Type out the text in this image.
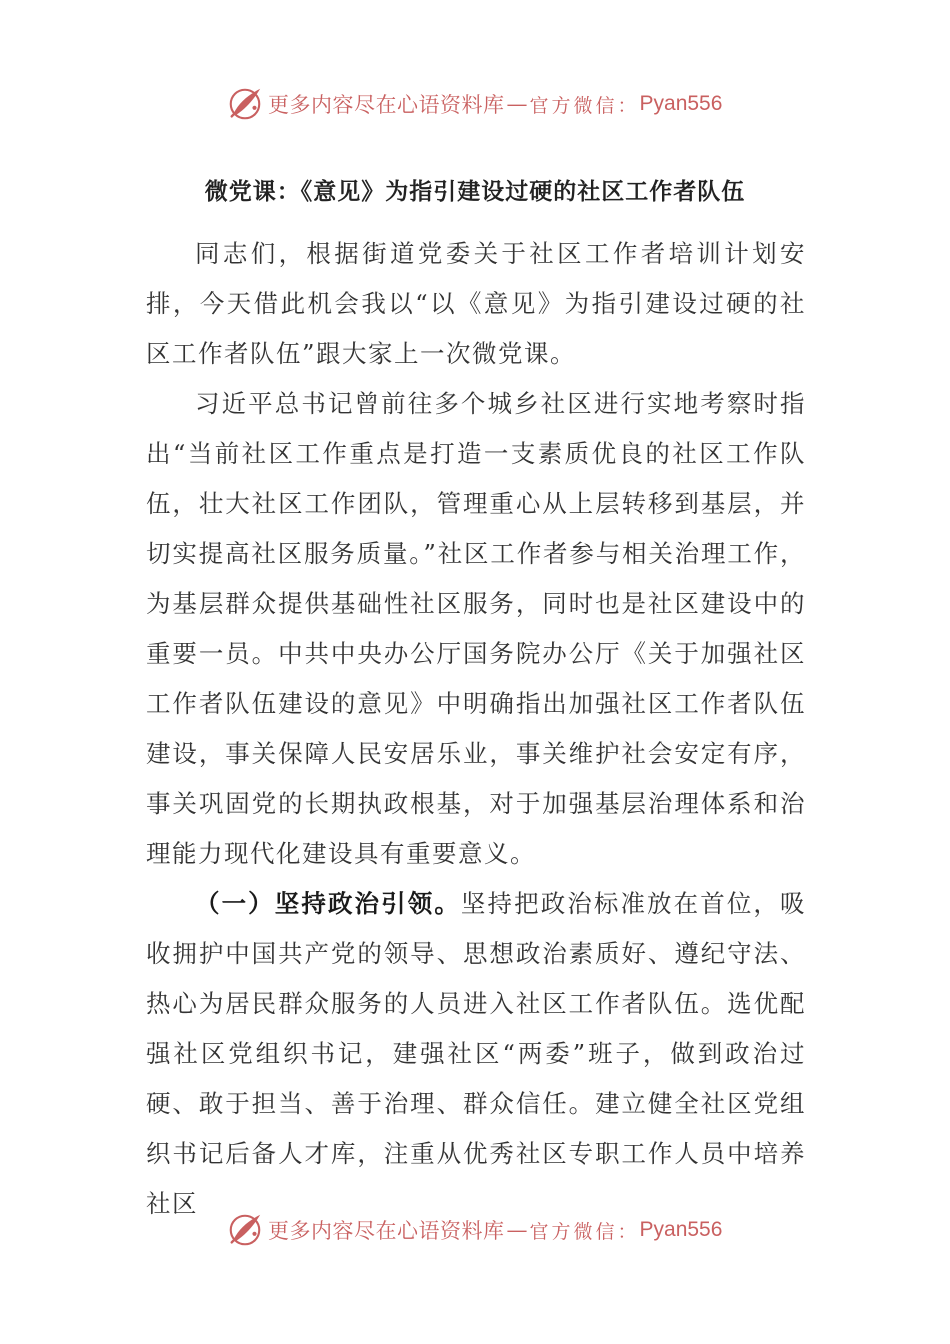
更多内容尽在心语资料库 — 官方微信： Pyan556
微党课：《意见》为指引建设过硬的社区工作者队伍

同志们，根据街道党委关于社区工作者培训计划安排，今天借此机会我以“以《意见》为指引建设过硬的社区工作者队伍”跟大家上一次微党课。

习近平总书记曾前往多个城乡社区进行实地考察时指出“当前社区工作重点是打造一支素质优良的社区工作队伍，壮大社区工作团队，管理重心从上层转移到基层，并切实提高社区服务质量。”社区工作者参与相关治理工作，为基层群众提供基础性社区服务，同时也是社区建设中的重要一员。中共中央办公厅国务院办公厅《关于加强社区工作者队伍建设的意见》中明确指出加强社区工作者队伍建设，事关保障人民安居乐业，事关维护社会安定有序，事关巩固党的长期执政根基，对于加强基层治理体系和治理能力现代化建设具有重要意义。

（一）坚持政治引领。坚持把政治标准放在首位，吸收拥护中国共产党的领导、思想政治素质好、遵纪守法、热心为居民群众服务的人员进入社区工作者队伍。选优配强社区党组织书记，建强社区“两委”班子，做到政治过硬、敢于担当、善于治理、群众信任。建立健全社区党组织书记后备人才库，注重从优秀社区专职工作人员中培养社区

更多内容尽在心语资料库 — 官方微信： Pyan556
